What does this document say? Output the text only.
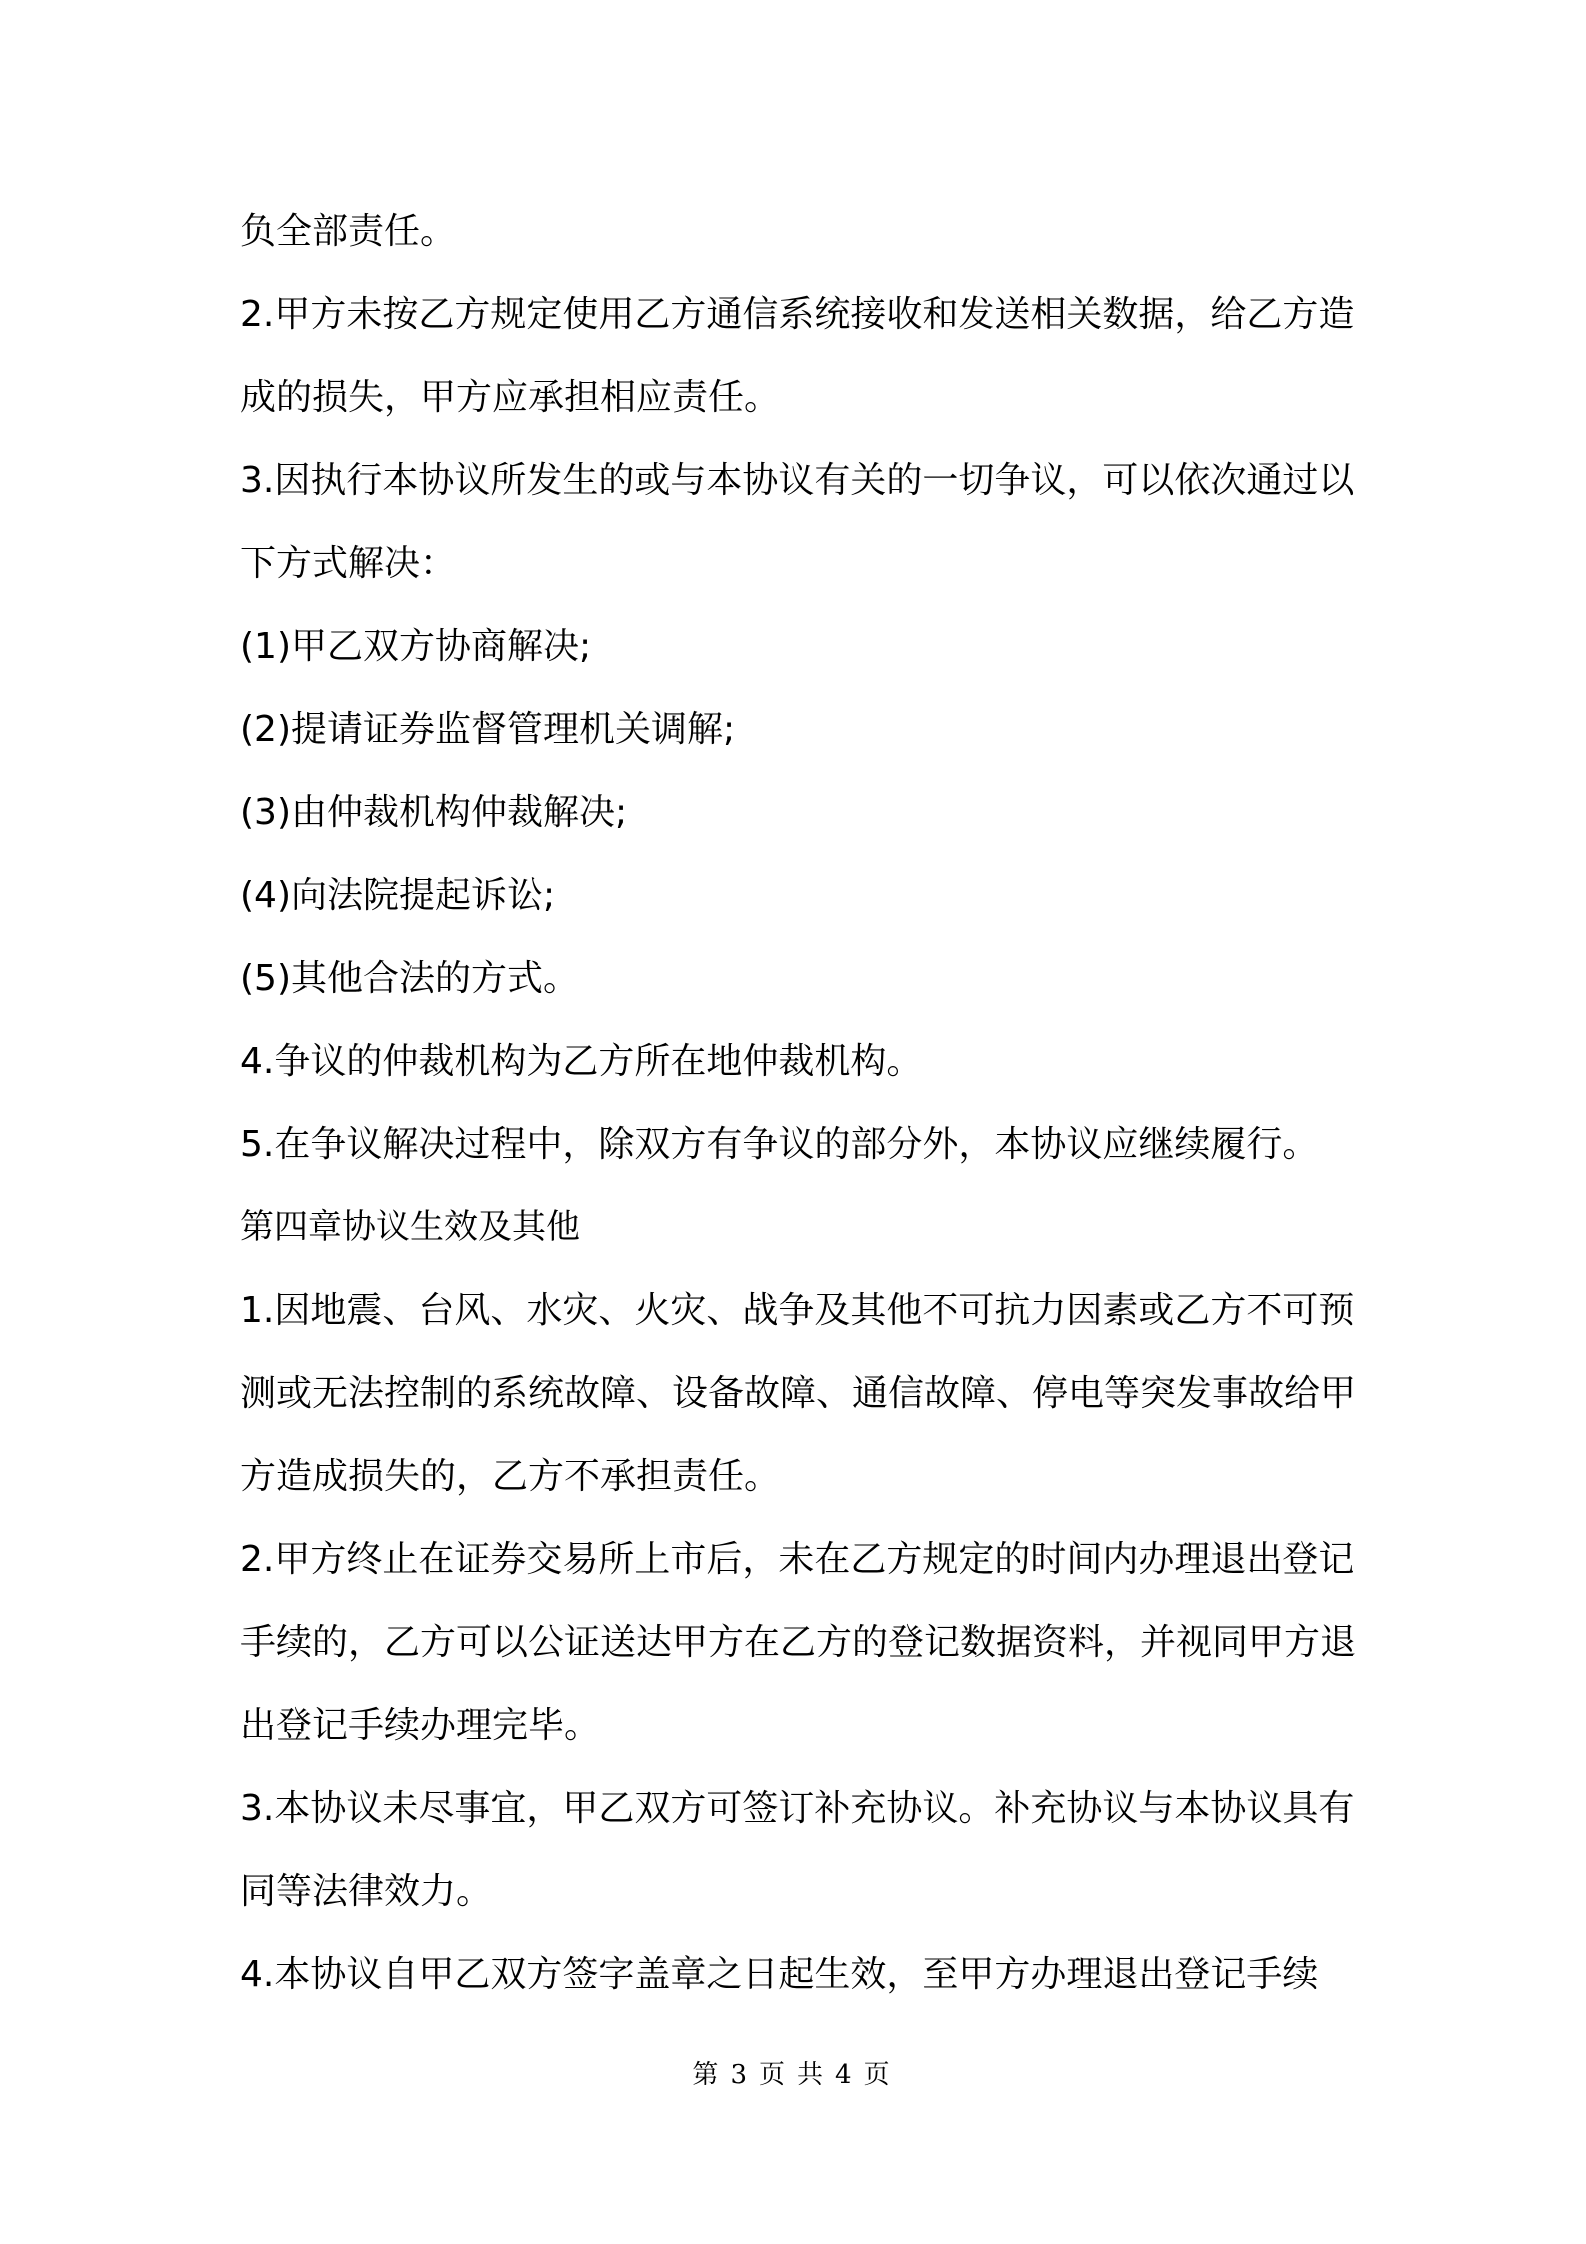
负全部责任。

2.甲方未按乙方规定使用乙方通信系统接收和发送相关数据，给乙方造成的损失，甲方应承担相应责任。

3.因执行本协议所发生的或与本协议有关的一切争议，可以依次通过以下方式解决：

(1)甲乙双方协商解决;

(2)提请证券监督管理机关调解;

(3)由仲裁机构仲裁解决;

(4)向法院提起诉讼;

(5)其他合法的方式。

4.争议的仲裁机构为乙方所在地仲裁机构。

5.在争议解决过程中，除双方有争议的部分外，本协议应继续履行。

第四章协议生效及其他

1.因地震、台风、水灾、火灾、战争及其他不可抗力因素或乙方不可预测或无法控制的系统故障、设备故障、通信故障、停电等突发事故给甲方造成损失的，乙方不承担责任。

2.甲方终止在证券交易所上市后，未在乙方规定的时间内办理退出登记手续的，乙方可以公证送达甲方在乙方的登记数据资料，并视同甲方退出登记手续办理完毕。

3.本协议未尽事宜，甲乙双方可签订补充协议。补充协议与本协议具有同等法律效力。

4.本协议自甲乙双方签字盖章之日起生效，至甲方办理退出登记手续

第 3 页 共 4 页
